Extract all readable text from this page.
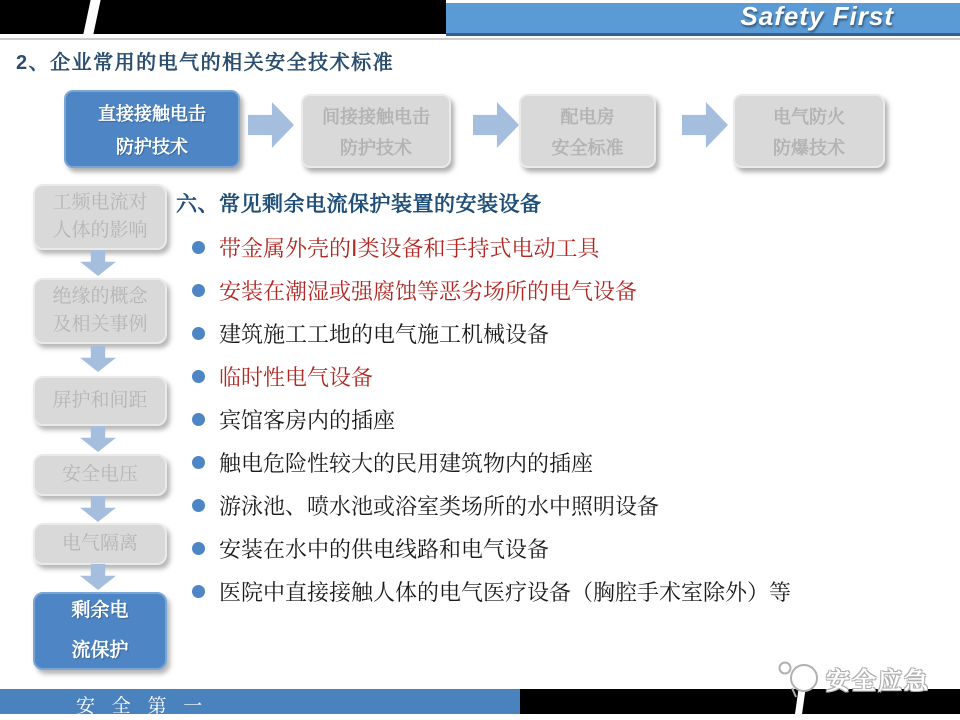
Safety First
2、企业常用的电气的相关安全技术标准
直接接触电击
防护技术
间接接触电击
防护技术
配电房
安全标准
电气防火
防爆技术
工频电流对
人体的影响
绝缘的概念
及相关事例
屏护和间距
安全电压
电气隔离
剩余电
流保护
六、常见剩余电流保护装置的安装设备
带金属外壳的Ⅰ类设备和手持式电动工具
安装在潮湿或强腐蚀等恶劣场所的电气设备
建筑施工工地的电气施工机械设备
临时性电气设备
宾馆客房内的插座
触电危险性较大的民用建筑物内的插座
游泳池、喷水池或浴室类场所的水中照明设备
安装在水中的供电线路和电气设备
医院中直接接触人体的电气医疗设备（胸腔手术室除外）等
安 全 第 一
安全应急
